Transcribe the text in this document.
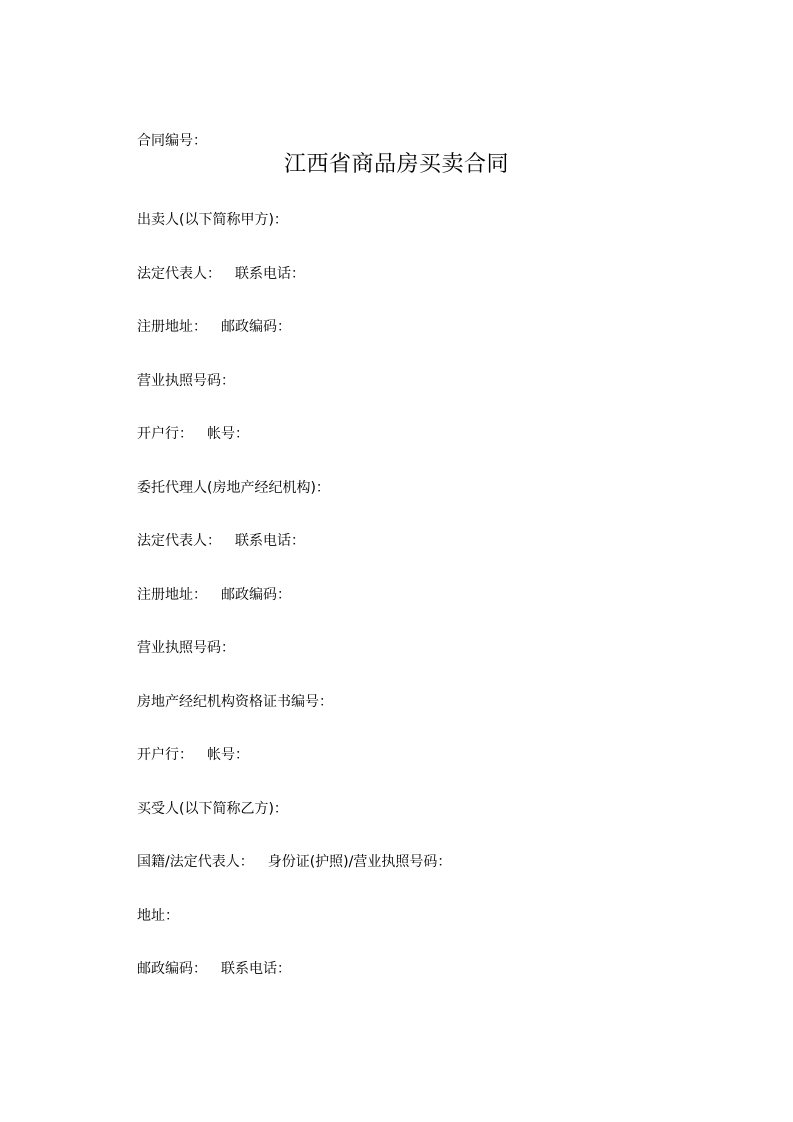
合同编号：
江西省商品房买卖合同
出卖人(以下简称甲方)：
法定代表人： 联系电话：
注册地址： 邮政编码：
营业执照号码：
开户行： 帐号：
委托代理人(房地产经纪机构)：
法定代表人： 联系电话：
注册地址： 邮政编码：
营业执照号码：
房地产经纪机构资格证书编号：
开户行： 帐号：
买受人(以下简称乙方)：
国籍/法定代表人： 身份证(护照)/营业执照号码：
地址：
邮政编码： 联系电话：
